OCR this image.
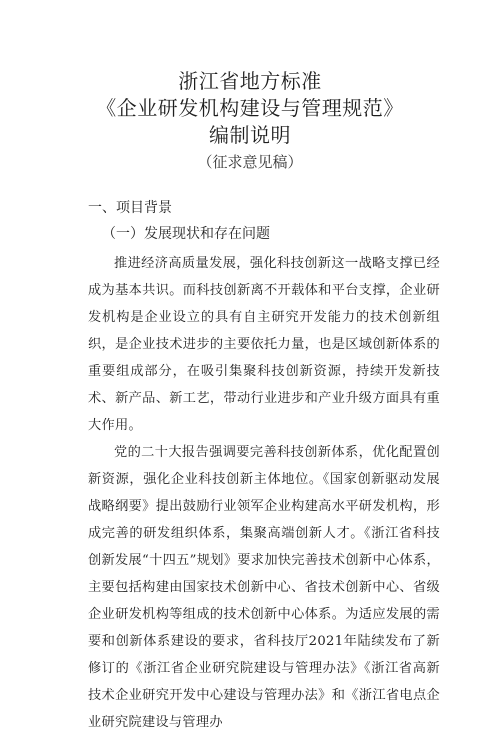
浙江省地方标准
《企业研发机构建设与管理规范》
编制说明
（征求意见稿）
一、项目背景
（一）发展现状和存在问题

推进经济高质量发展，强化科技创新这一战略支撑已经成为基本共识。而科技创新离不开载体和平台支撑，企业研发机构是企业设立的具有自主研究开发能力的技术创新组织，是企业技术进步的主要依托力量，也是区域创新体系的重要组成部分，在吸引集聚科技创新资源，持续开发新技术、新产品、新工艺，带动行业进步和产业升级方面具有重大作用。

党的二十大报告强调要完善科技创新体系，优化配置创新资源，强化企业科技创新主体地位。《国家创新驱动发展战略纲要》提出鼓励行业领军企业构建高水平研发机构，形成完善的研发组织体系，集聚高端创新人才。《浙江省科技创新发展“十四五”规划》要求加快完善技术创新中心体系，主要包括构建由国家技术创新中心、省技术创新中心、省级企业研发机构等组成的技术创新中心体系。为适应发展的需要和创新体系建设的要求，省科技厅2021年陆续发布了新修订的《浙江省企业研究院建设与管理办法》《浙江省高新技术企业研究开发中心建设与管理办法》和《浙江省电点企业研究院建设与管理办
